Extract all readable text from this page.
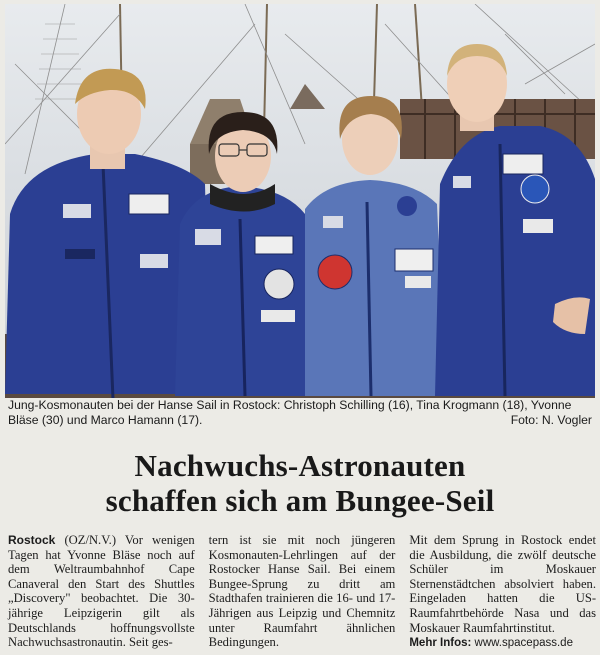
Jung-Kosmonauten bei der Hanse Sail in Rostock: Christoph Schilling (16), Tina Krogmann (18), Yvonne Bläse (30) und Marco Hamann (17).	Foto: N. Vogler
Nachwuchs-Astronauten
schaffen sich am Bungee-Seil
Rostock (OZ/N.V.) Vor wenigen Tagen hat Yvonne Bläse noch auf dem Weltraumbahnhof Cape Canaveral den Start des Shuttles „Discovery" beobachtet. Die 30-jährige Leipzigerin gilt als Deutschlands hoffnungsvollste Nachwuchsastronautin. Seit ges-
tern ist sie mit noch jüngeren Kosmonauten-Lehrlingen auf der Rostocker Hanse Sail. Bei einem Bungee-Sprung zu dritt am Stadthafen trainieren die 16- und 17-Jährigen aus Leipzig und Chemnitz unter Raumfahrt ähnlichen Bedingungen.
Mit dem Sprung in Rostock endet die Ausbildung, die zwölf deutsche Schüler im Moskauer Sternenstädtchen absolviert haben. Eingeladen hatten die US-Raumfahrtbehörde Nasa und das Moskauer Raumfahrtinstitut.
Mehr Infos: www.spacepass.de
